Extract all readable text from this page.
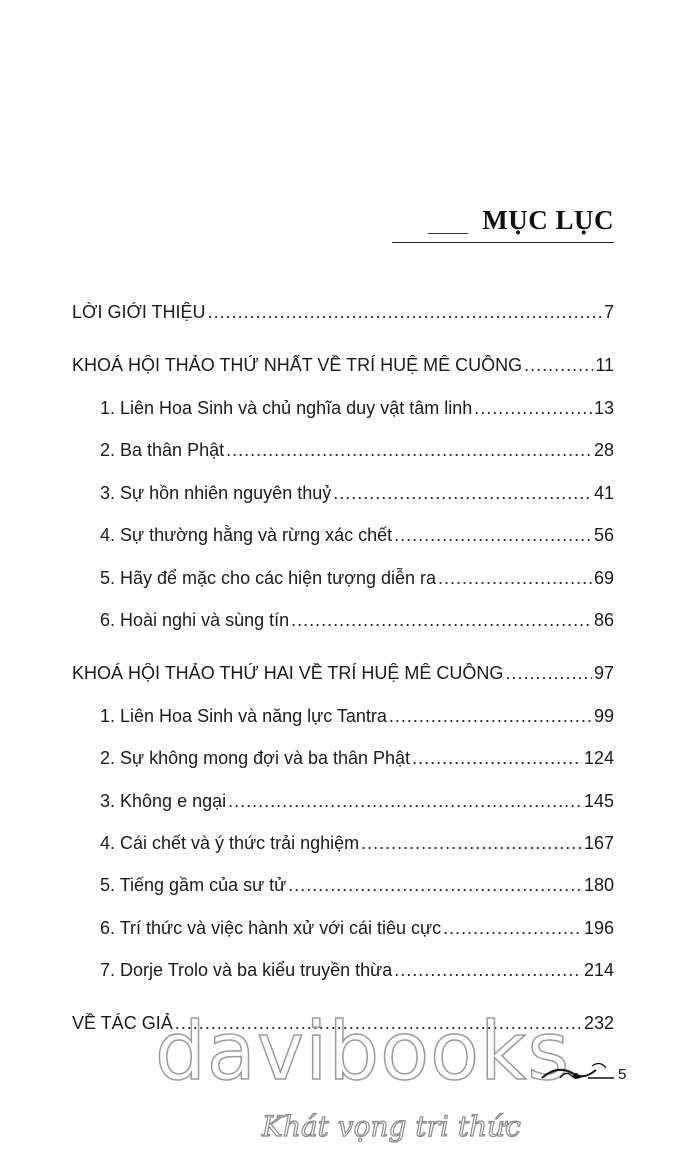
MỤC LỤC
LỜI GIỚI THIỆU .....	7
KHOÁ HỘI THẢO THỨ NHẤT VỀ TRÍ HUỆ MÊ CUỒNG .....	11
1. Liên Hoa Sinh và chủ nghĩa duy vật tâm linh .....	13
2. Ba thân Phật .....	28
3. Sự hồn nhiên nguyên thuỷ .....	41
4. Sự thường hằng và rừng xác chết .....	56
5. Hãy để mặc cho các hiện tượng diễn ra .....	69
6. Hoài nghi và sùng tín .....	86
KHOÁ HỘI THẢO THỨ HAI VỀ TRÍ HUỆ MÊ CUỒNG .....	97
1. Liên Hoa Sinh và năng lực Tantra .....	99
2. Sự không mong đợi và ba thân Phật .....	124
3. Không e ngại .....	145
4. Cái chết và ý thức trải nghiệm .....	167
5. Tiếng gầm của sư tử .....	180
6. Trí thức và việc hành xử với cái tiêu cực .....	196
7. Dorje Trolo và ba kiểu truyền thừa .....	214
VỀ TÁC GIẢ .....	232
davibooks
Khát vọng tri thức
5
